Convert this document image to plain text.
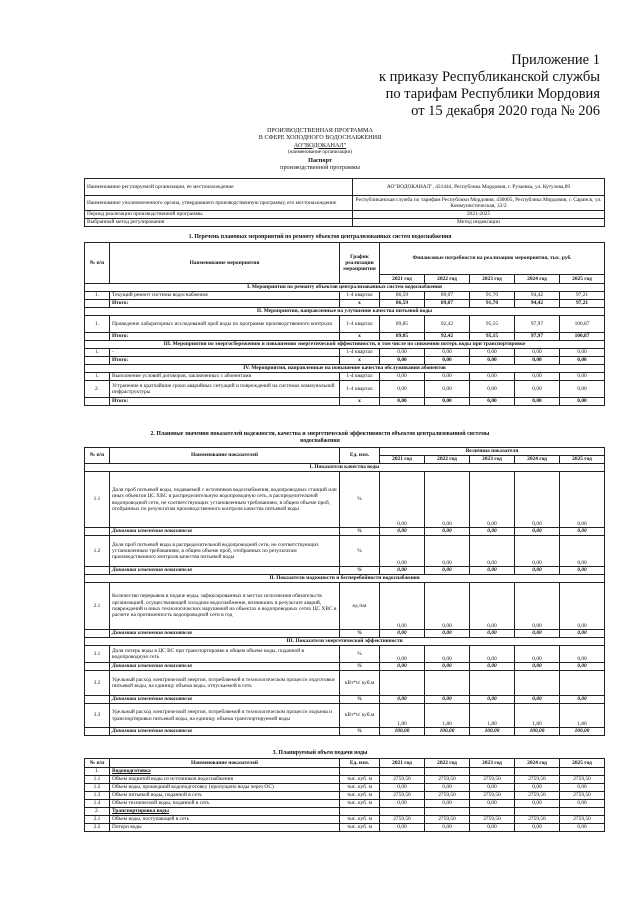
Приложение 1
к приказу Республиканской службы
по тарифам Республики Мордовия
от 15 декабря 2020 года № 206
ПРОИЗВОДСТВЕННАЯ ПРОГРАММА
В СФЕРЕ ХОЛОДНОГО ВОДОСНАБЖЕНИЯ
АО"ВОДОКАНАЛ"
(наименование организации)
Паспорт
производственной программы
Наименование регулируемой организации, ее местонахождение	АО"ВОДОКАНАЛ", 431444, Республика Мордовия, г. Рузаевка, ул. Кутузова,89
Наименование уполномоченного органа, утвердившего производственную программу, его местонахождение	Республиканская служба по тарифам Республики Мордовия, 430005, Республика Мордовия, г. Саранск, ул. Коммунистическая, 33/2
Период реализации производственной программы	2021-2025
Выбранный метод регулирования	Метод индексации
1. Перечень плановых мероприятий по ремонту объектов централизованных систем водоснабжения
№ п/п	Наименование мероприятия	График реализации мероприятия	Финансовые потребности на реализацию мероприятия, тыс. руб.				
			2021 год	2022 год	2023 год	2024 год	2025 год
I. Мероприятия по ремонту объектов централизованных систем водоснабжения							
1.	Текущий ремонт системы водоснабжения	1-4 квартал	86,59	89,07	91,70	94,42	97,21
	Итого:	х	86,59	89,07	91,70	94,42	97,21
II. Мероприятия, направленные на улучшение качества питьевой воды							
1.	Проведение лабораторных исследований проб воды по программе производственного контроля	1-4 квартал	89,85	92,42	95,15	97,97	100,87
	Итого:	х	89,85	92,42	95,15	97,97	100,87
III. Мероприятия по энергосбережению и повышению энергетической эффективности, в том числе по снижению потерь воды при транспортировке							
1.	-	1-4 квартал	0,00	0,00	0,00	0,00	0,00
	Итого:	х	0,00	0,00	0,00	0,00	0,00
IV. Мероприятия, направленные на повышение качества обслуживания абонентов							
1.	Выполнение условий договоров, заключенных с абонентами	1-4 квартал	0,00	0,00	0,00	0,00	0,00
2.	Устранение в кратчайшие сроки аварийных ситуаций и повреждений на системах коммунальной инфраструктуры	1-4 квартал	0,00	0,00	0,00	0,00	0,00
	Итого:	х	0,00	0,00	0,00	0,00	0,00
2. Плановые значения показателей надежности, качества и энергетической эффективности объектов централизованной системы
водоснабжения
№ п/п	Наименование показателей	Ед. изм.	Величина показателя				
			2021 год	2022 год	2023 год	2024 год	2025 год
I. Показатели качества воды							
1.1	Доля проб питьевой воды, подаваемой с источников водоснабжения, водопроводных станций или иных объектов ЦС ХВС в распределительную водопроводную сеть, в распределительной водопроводной сети, не соответствующих установленным требованиям, в общем объеме проб, отобранных по результатам производственного контроля качества питьевой воды	%	0,00	0,00	0,00	0,00	0,00
	Динамика изменения показателя	%	0,00	0,00	0,00	0,00	0,00
1.2	Доля проб питьевой воды в распределительной водопроводной сети, не соответствующих установленным требованиям, в общем объеме проб, отобранных по результатам производственного контроля качества питьевой воды	%	0,00	0,00	0,00	0,00	0,00
	Динамика изменения показателя	%	0,00	0,00	0,00	0,00	0,00
II. Показатели надежности и бесперебойности водоснабжения							
2.1	Количество перерывов в подаче воды, зафиксированных в местах исполнения обязательств организацией, осуществляющей холодное водоснабжение, возникших в результате аварий, повреждений и иных технологических нарушений на объектах в водопроводных сетях ЦС ХВС в расчете на протяженность водопроводной сети в год	ед./км	0,00	0,00	0,00	0,00	0,00
	Динамика изменения показателя	%	0,00	0,00	0,00	0,00	0,00
III. Показатели энергетической эффективности							
3.1	Доля потерь воды в ЦС ВС при транспортировке в общем объеме воды, поданной в водопроводную сеть	%	0,00	0,00	0,00	0,00	0,00
	Динамика изменения показателя	%	0,00	0,00	0,00	0,00	0,00
3.2	Удельный расход электрической энергии, потребляемой в технологическом процессе подготовки питьевой воды, на единицу объема воды, отпускаемой в сеть	кВт*ч/ куб.м					
	Динамика изменения показателя	%	0,00	0,00	0,00	0,00	0,00
3.3	Удельный расход электрической энергии, потребляемой в технологическом процессе подъема и транспортировки питьевой воды, на единицу объема транспортируемой воды	кВт*ч/ куб.м	1,80	1,80	1,80	1,80	1,80
	Динамика изменения показателя	%	100,00	100,00	100,00	100,00	100,00
3. Планируемый объем подачи воды
№ п/п	Наименование показателей	Ед. изм.	2021 год	2022 год	2023 год	2024 год	2025 год
1.	Водоподготовка						
1.1	Объем поднятой воды из источников водоснабжения	тыс. куб. м	2759,50	2759,50	2759,50	2759,50	2759,50
1.2	Объем воды, прошедший водоподготовку (пропущено воды через ОС)	тыс. куб. м	0,00	0,00	0,00	0,00	0,00
1.3	Объем питьевой воды, поданной в сеть	тыс. куб. м	2759,50	2759,50	2759,50	2759,50	2759,50
1.4	Объем технической воды, поданной в сеть	тыс. куб. м	0,00	0,00	0,00	0,00	0,00
2.	Транспортировка воды						
2.1	Объем воды, поступающей в сеть	тыс. куб. м	2759,50	2759,50	2759,50	2759,50	2759,50
2.2	Потери воды	тыс. куб. м	0,00	0,00	0,00	0,00	0,00
